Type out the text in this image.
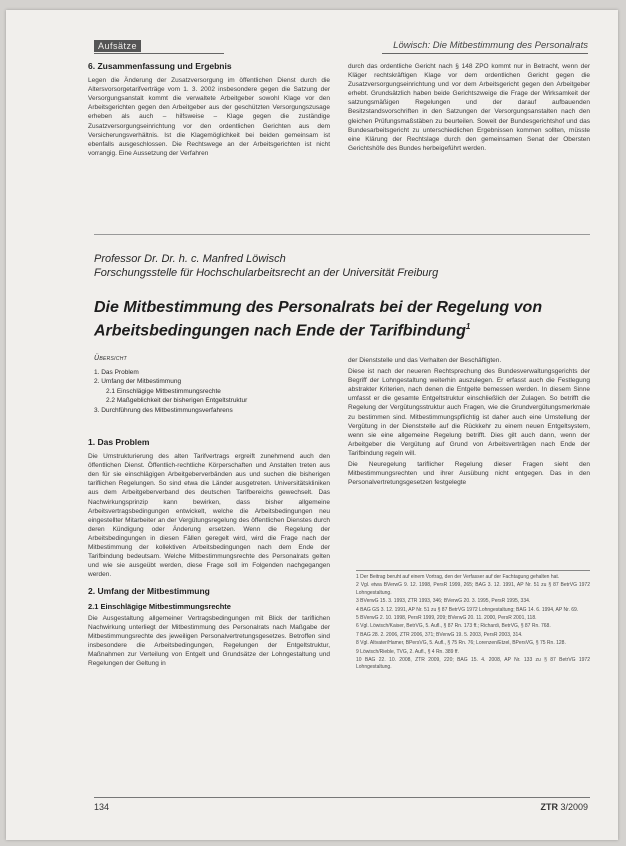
Aufsätze	Löwisch: Die Mitbestimmung des Personalrats
6. Zusammenfassung und Ergebnis

Legen die Änderung der Zusatzversorgung im öffentlichen Dienst durch die Altersvorsorgetarifverträge vom 1. 3. 2002 insbesondere gegen die Satzung der Versorgungsanstalt kommt die verwaltete Arbeitgeber sowohl Klage vor den Arbeitsgerichten gegen den Arbeitgeber aus der geschützten Versorgungszusage erheben als auch – hilfsweise – Klage gegen die zuständige Zusatzversorgungseinrichtung vor den ordentlichen Gerichten aus dem Versicherungsverhältnis. Ist die Klagemöglichkeit bei beiden gemeinsam ist ebenfalls ausgeschlossen. Die Rechtswege an der Arbeitsgerichten ist nicht vorrangig. Eine Aussetzung der Verfahren

durch das ordentliche Gericht nach § 148 ZPO kommt nur in Betracht, wenn der Kläger rechtskräftigen Klage vor dem ordentlichen Gericht gegen die Zusatzversorgungseinrichtung und vor dem Arbeitsgericht gegen den Arbeitgeber erhebt. Grundsätzlich haben beide Gerichtszweige die Frage der Wirksamkeit der satzungsmäßigen Regelungen und der darauf aufbauenden Besitzstandsvorschriften in den Satzungen der Versorgungsanstalten nach den gleichen Prüfungsmaßstäben zu beurteilen. Soweit der Bundesgerichtshof und das Bundesarbeitsgericht zu unterschiedlichen Ergebnissen kommen sollten, müsste eine Klärung der Rechtslage durch den gemeinsamen Senat der Obersten Gerichtshöfe des Bundes herbeigeführt werden.

Professor Dr. Dr. h. c. Manfred Löwisch
Forschungsstelle für Hochschularbeitsrecht an der Universität Freiburg
Die Mitbestimmung des Personalrats bei der Regelung von Arbeitsbedingungen nach Ende der Tarifbindung$^1$
Übersicht
1. Das Problem
2. Umfang der Mitbestimmung
2.1 Einschlägige Mitbestimmungsrechte
2.2 Maßgeblichkeit der bisherigen Entgeltstruktur
3. Durchführung des Mitbestimmungsverfahrens
1. Das Problem

Die Umstrukturierung des alten Tarifvertrags ergreift zunehmend auch den öffentlichen Dienst. Öffentlich-rechtliche Körperschaften und Anstalten treten aus den für sie einschlägigen Arbeitgeberverbänden aus und suchen die bisherigen tariflichen Regelungen. So sind etwa die Länder ausgetreten. Universitätskliniken aus dem Arbeitgeberverband des deutschen Tarifbereichs gewechselt. Das Nachwirkungsprinzip kann bewirken, dass bisher allgemeine Arbeitsvertragsbedingungen entwickelt, welche die Arbeitsbedingungen neu eingestellter Mitarbeiter an der Vergütungsregelung des öffentlichen Dienstes durch deren Kündigung oder Änderung ersetzen. Wenn die Regelung der Arbeitsbedingungen in diesen Fällen geregelt wird, wird die Frage nach der Mitbestimmung der kollektiven Arbeitsbedingungen nach dem Ende der Tarifbindung bedeutsam. Welche Mitbestimmungsrechte des Personalrats gelten und wie sie ausgeübt werden, diese Frage soll im Folgenden nachgegangen werden.

2. Umfang der Mitbestimmung
2.1 Einschlägige Mitbestimmungsrechte

Die Ausgestaltung allgemeiner Vertragsbedingungen mit Blick der tariflichen Nachwirkung unterliegt der Mitbestimmung des Personalrats nach Maßgabe der Mitbestimmungsrechte des jeweiligen Personalvertretungsgesetzes. Betroffen sind insbesondere die Arbeitsbedingungen, Regelungen der Entgeltstruktur, Maßnahmen zur Verteilung von Entgelt und Grundsätze der Lohngestaltung und Regelungen der Geltung in

der Dienststelle und das Verhalten der Beschäftigten.

Diese ist nach der neueren Rechtsprechung des Bundesverwaltungsgerichts der Begriff der Lohngestaltung weiterhin auszulegen. Er erfasst auch die Festlegung abstrakter Kriterien, nach denen die Entgelte bemessen werden. In diesem Sinne umfasst er die gesamte Entgeltstruktur einschließlich der Zulagen. So betrifft die Regelung der Vergütungsstruktur auch Fragen, wie die Grundvergütungsmerkmale zu bestimmen sind. Mitbestimmungspflichtig ist daher auch eine Umstellung der Vergütung in der Dienststelle auf die Rückkehr zu einem neuen Entgeltsystem, wenn sie eine allgemeine Regelung betrifft. Dies gilt auch dann, wenn der Arbeitgeber die Vergütung auf Grund von Arbeitsverträgen nach Ende der Tarifbindung regeln will.

Die Neuregelung tariflicher Regelung dieser Fragen sieht den Mitbestimmungsrechten und ihrer Ausübung nicht entgegen. Das in den Personalvertretungsgesetzen festgelegte

1 Der Beitrag beruht auf einem Vortrag, den der Verfasser auf der Fachtagung gehalten hat.

2 Vgl. etwa BVerwG 9. 12. 1998, PersR 1999, 265; BAG 3. 12. 1991, AP Nr. 51 zu § 87 BetrVG 1972 Lohngestaltung.

3 BVerwG 15. 3. 1993, ZTR 1993, 346; BVerwG 20. 3. 1995, PersR 1995, 334.

4 BAG GS 3. 12. 1991, AP Nr. 51 zu § 87 BetrVG 1972 Lohngestaltung; BAG 14. 6. 1994, AP Nr. 69.

5 BVerwG 2. 10. 1998, PersR 1999, 209; BVerwG 20. 11. 2000, PersR 2001, 118.

6 Vgl. Löwisch/Kaiser, BetrVG, 5. Aufl., § 87 Rn. 173 ff.; Richardi, BetrVG, § 87 Rn. 768.

7 BAG 28. 2. 2006, ZTR 2006, 371; BVerwG 19. 5. 2003, PersR 2003, 314.

8 Vgl. Altvater/Hamer, BPersVG, 5. Aufl., § 75 Rn. 76; Lorenzen/Etzel, BPersVG, § 75 Rn. 128.

9 Löwisch/Rieble, TVG, 2. Aufl., § 4 Rn. 389 ff.

10 BAG 22. 10. 2008, ZTR 2009, 220; BAG 15. 4. 2008, AP Nr. 133 zu § 87 BetrVG 1972 Lohngestaltung.

134	ZTR 3/2009
